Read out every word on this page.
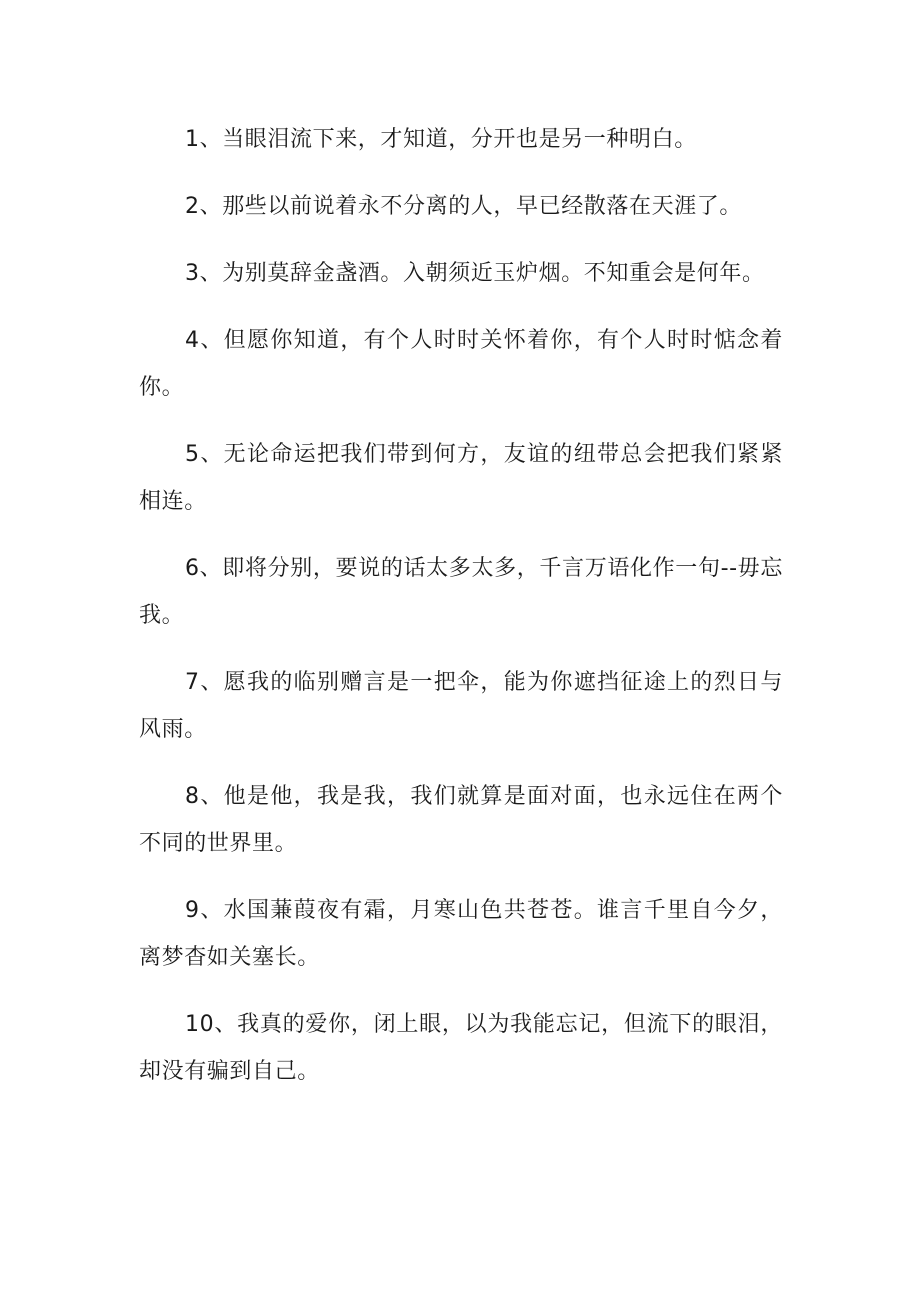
1、当眼泪流下来，才知道，分开也是另一种明白。

2、那些以前说着永不分离的人，早已经散落在天涯了。

3、为别莫辞金盏酒。入朝须近玉炉烟。不知重会是何年。

4、但愿你知道，有个人时时关怀着你，有个人时时惦念着你。

5、无论命运把我们带到何方，友谊的纽带总会把我们紧紧相连。

6、即将分别，要说的话太多太多，千言万语化作一句--毋忘我。

7、愿我的临别赠言是一把伞，能为你遮挡征途上的烈日与风雨。

8、他是他，我是我，我们就算是面对面，也永远住在两个不同的世界里。

9、水国蒹葭夜有霜，月寒山色共苍苍。谁言千里自今夕，离梦杳如关塞长。

10、我真的爱你，闭上眼，以为我能忘记，但流下的眼泪，却没有骗到自己。
